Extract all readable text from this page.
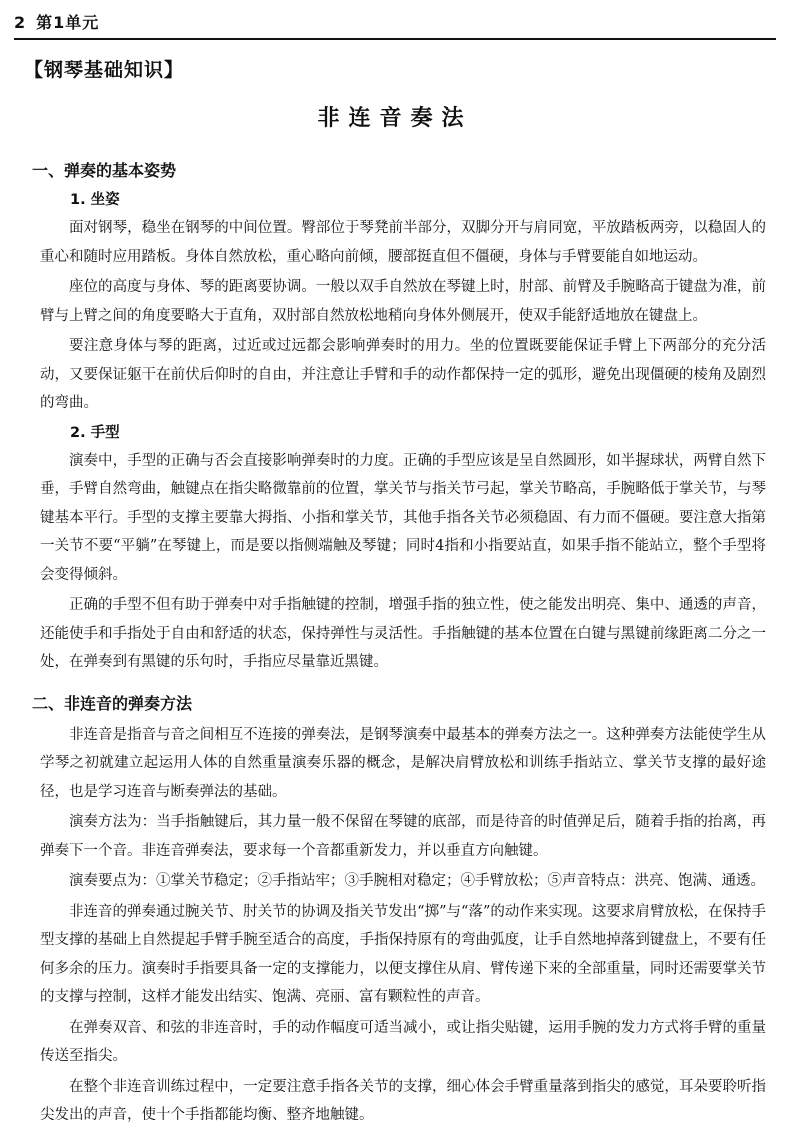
2 第1单元
【钢琴基础知识】
非连音奏法
一、弹奏的基本姿势
1. 坐姿

面对钢琴，稳坐在钢琴的中间位置。臀部位于琴凳前半部分，双脚分开与肩同宽，平放踏板两旁，以稳固人的重心和随时应用踏板。身体自然放松，重心略向前倾，腰部挺直但不僵硬，身体与手臂要能自如地运动。

座位的高度与身体、琴的距离要协调。一般以双手自然放在琴键上时，肘部、前臂及手腕略高于键盘为准，前臂与上臂之间的角度要略大于直角，双肘部自然放松地稍向身体外侧展开，使双手能舒适地放在键盘上。

要注意身体与琴的距离，过近或过远都会影响弹奏时的用力。坐的位置既要能保证手臂上下两部分的充分活动，又要保证躯干在前伏后仰时的自由，并注意让手臂和手的动作都保持一定的弧形，避免出现僵硬的棱角及剧烈的弯曲。

2. 手型

演奏中，手型的正确与否会直接影响弹奏时的力度。正确的手型应该是呈自然圆形，如半握球状，两臂自然下垂，手臂自然弯曲，触键点在指尖略微靠前的位置，掌关节与指关节弓起，掌关节略高，手腕略低于掌关节，与琴键基本平行。手型的支撑主要靠大拇指、小指和掌关节，其他手指各关节必须稳固、有力而不僵硬。要注意大指第一关节不要“平躺”在琴键上，而是要以指侧端触及琴键；同时4指和小指要站直，如果手指不能站立，整个手型将会变得倾斜。

正确的手型不但有助于弹奏中对手指触键的控制，增强手指的独立性，使之能发出明亮、集中、通透的声音，还能使手和手指处于自由和舒适的状态，保持弹性与灵活性。手指触键的基本位置在白键与黑键前缘距离二分之一处，在弹奏到有黑键的乐句时，手指应尽量靠近黑键。

二、非连音的弹奏方法

非连音是指音与音之间相互不连接的弹奏法，是钢琴演奏中最基本的弹奏方法之一。这种弹奏方法能使学生从学琴之初就建立起运用人体的自然重量演奏乐器的概念，是解决肩臂放松和训练手指站立、掌关节支撑的最好途径，也是学习连音与断奏弹法的基础。

演奏方法为：当手指触键后，其力量一般不保留在琴键的底部，而是待音的时值弹足后，随着手指的抬离，再弹奏下一个音。非连音弹奏法，要求每一个音都重新发力，并以垂直方向触键。

演奏要点为：①掌关节稳定；②手指站牢；③手腕相对稳定；④手臂放松；⑤声音特点：洪亮、饱满、通透。

非连音的弹奏通过腕关节、肘关节的协调及指关节发出“掷”与“落”的动作来实现。这要求肩臂放松，在保持手型支撑的基础上自然提起手臂手腕至适合的高度，手指保持原有的弯曲弧度，让手自然地掉落到键盘上，不要有任何多余的压力。演奏时手指要具备一定的支撑能力，以便支撑住从肩、臂传递下来的全部重量，同时还需要掌关节的支撑与控制，这样才能发出结实、饱满、亮丽、富有颗粒性的声音。

在弹奏双音、和弦的非连音时，手的动作幅度可适当减小，或让指尖贴键，运用手腕的发力方式将手臂的重量传送至指尖。

在整个非连音训练过程中，一定要注意手指各关节的支撑，细心体会手臂重量落到指尖的感觉，耳朵要聆听指尖发出的声音，使十个手指都能均衡、整齐地触键。
